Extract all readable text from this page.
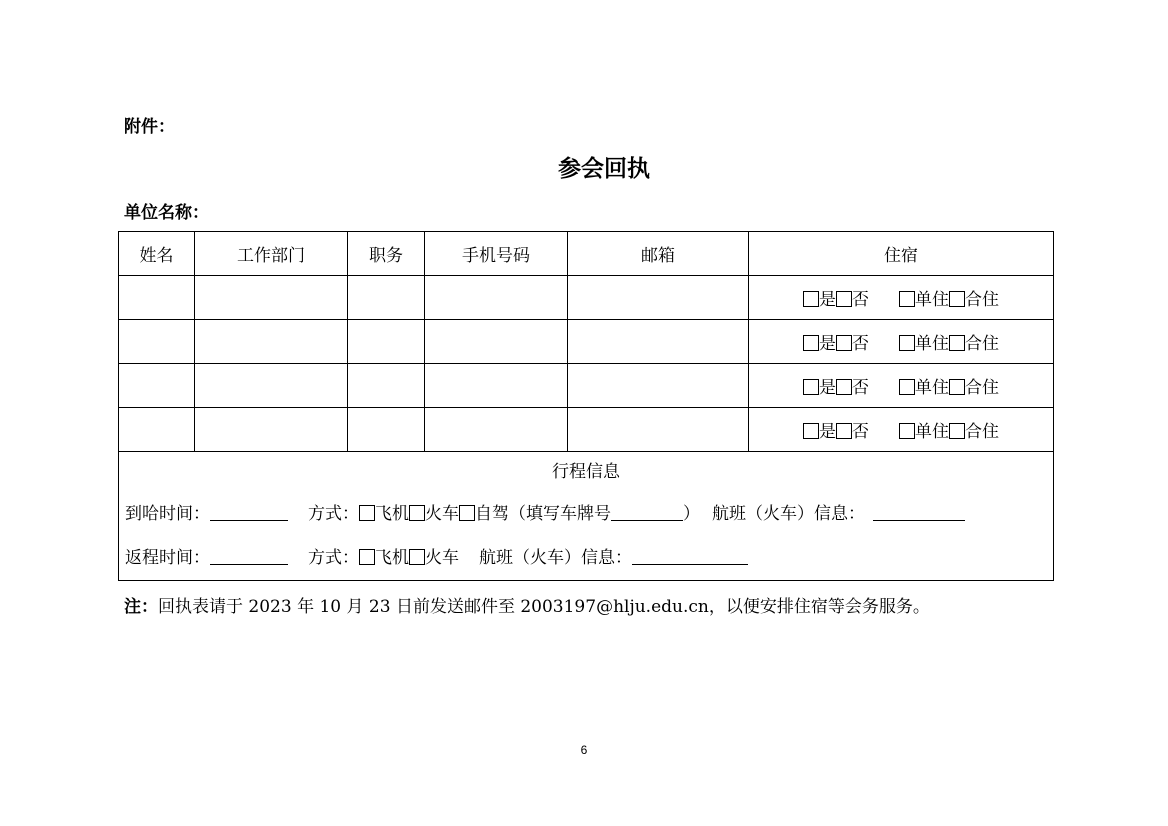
附件：
参会回执
单位名称：
姓名	工作部门	职务	手机号码	邮箱	住宿
					是 否 单住 合住
					是 否 单住 合住
					是 否 单住 合住
					是 否 单住 合住

行程信息
到哈时间： 方式： 飞机 火车 自驾（填写车牌号 ） 航班（火车）信息：
返程时间： 方式： 飞机 火车 航班（火车）信息：					
注：回执表请于 2023 年 10 月 23 日前发送邮件至 2003197@hlju.edu.cn，以便安排住宿等会务服务。
6
